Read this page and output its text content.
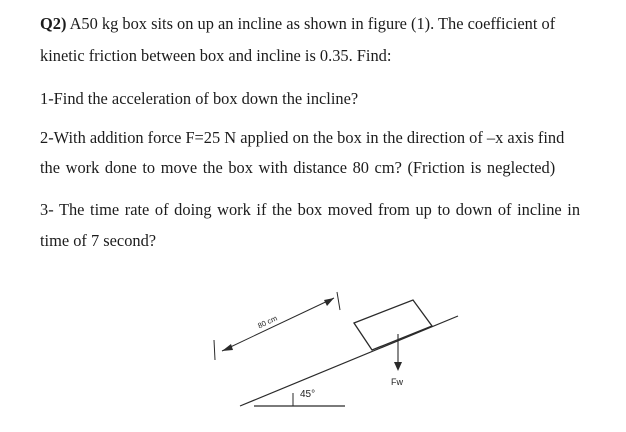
Q2) A50 kg box sits on up an incline as shown in figure (1). The coefficient of
kinetic friction between box and incline is 0.35. Find:
1-Find the acceleration of box down the incline?
2-With addition force F=25 N applied on the box in the direction of –x axis find
the work done to move the box with distance 80 cm? (Friction is neglected)
3- The time rate of doing work if the box moved from up to down of incline in
time of 7 second?
45°
Fw
80 cm
